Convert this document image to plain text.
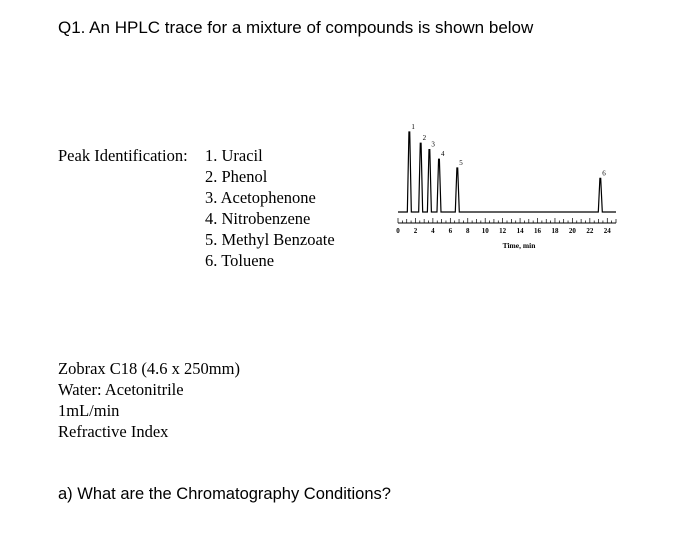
Q1. An HPLC trace for a mixture of compounds is shown below
Peak Identification:	1. Uracil
2. Phenol
3. Acetophenone
4. Nitrobenzene
5. Methyl Benzoate
6. Toluene
1
2
3
4
5
6
0 2 4 6 8 10 12 14 16 18 20 22 24
Time, min
Zobrax C18 (4.6 x 250mm)
Water: Acetonitrile
1mL/min
Refractive Index
a) What are the Chromatography Conditions?
